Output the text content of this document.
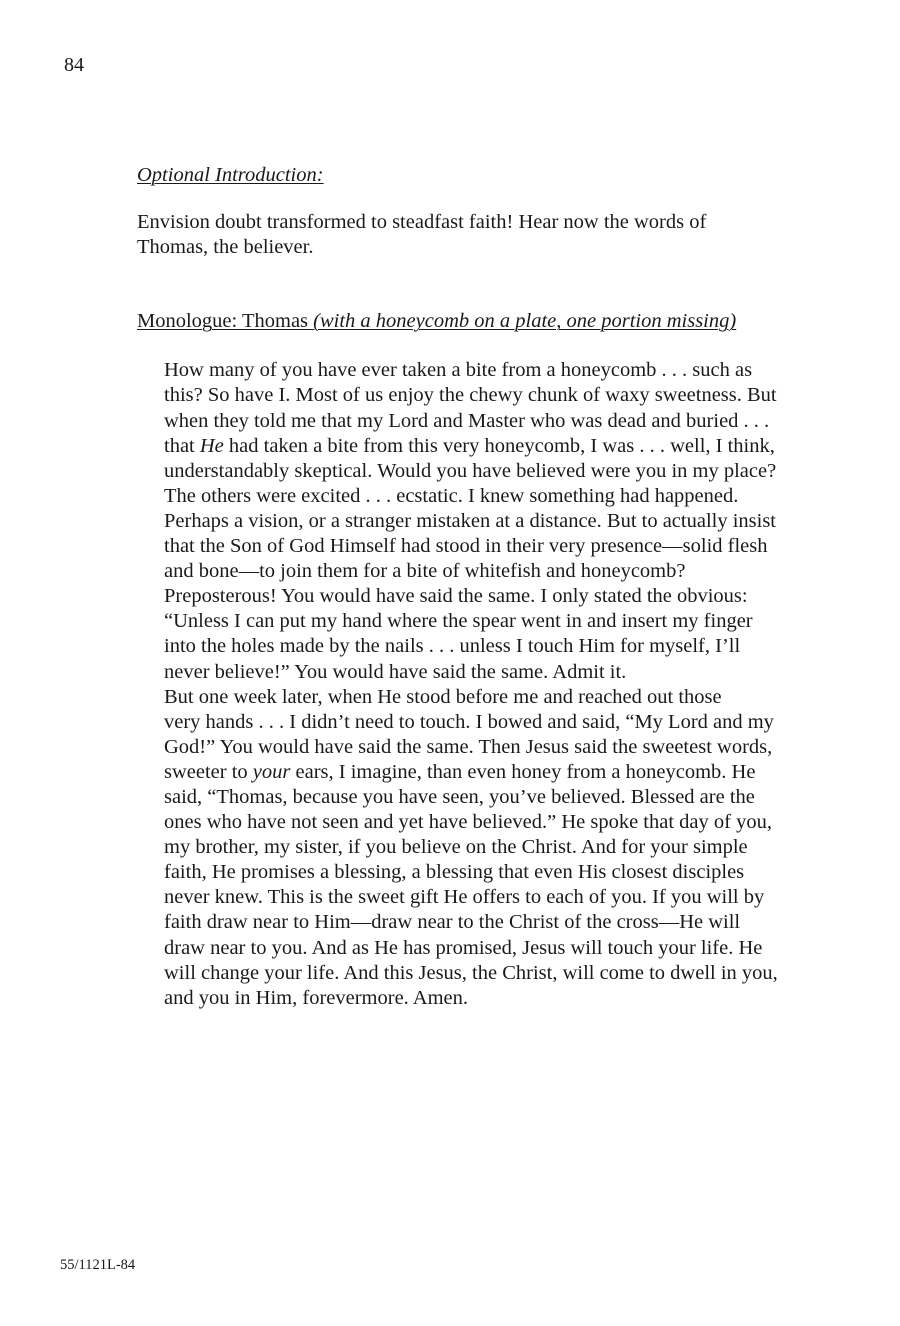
84

Optional Introduction:

Envision doubt transformed to steadfast faith! Hear now the words of
Thomas, the believer.

Monologue: Thomas (with a honeycomb on a plate, one portion missing)

How many of you have ever taken a bite from a honeycomb . . . such as
this? So have I. Most of us enjoy the chewy chunk of waxy sweetness. But
when they told me that my Lord and Master who was dead and buried . . .
that He had taken a bite from this very honeycomb, I was . . . well, I think,
understandably skeptical. Would you have believed were you in my place?
The others were excited . . . ecstatic. I knew something had happened.
Perhaps a vision, or a stranger mistaken at a distance. But to actually insist
that the Son of God Himself had stood in their very presence—solid flesh
and bone—to join them for a bite of whitefish and honeycomb?
Preposterous! You would have said the same. I only stated the obvious:
“Unless I can put my hand where the spear went in and insert my finger
into the holes made by the nails . . . unless I touch Him for myself, I’ll
never believe!” You would have said the same. Admit it.

But one week later, when He stood before me and reached out those
very hands . . . I didn’t need to touch. I bowed and said, “My Lord and my
God!” You would have said the same. Then Jesus said the sweetest words,
sweeter to your ears, I imagine, than even honey from a honeycomb. He
said, “Thomas, because you have seen, you’ve believed. Blessed are the
ones who have not seen and yet have believed.” He spoke that day of you,
my brother, my sister, if you believe on the Christ. And for your simple
faith, He promises a blessing, a blessing that even His closest disciples
never knew. This is the sweet gift He offers to each of you. If you will by
faith draw near to Him—draw near to the Christ of the cross—He will
draw near to you. And as He has promised, Jesus will touch your life. He
will change your life. And this Jesus, the Christ, will come to dwell in you,
and you in Him, forevermore. Amen.

55/1121L-84
